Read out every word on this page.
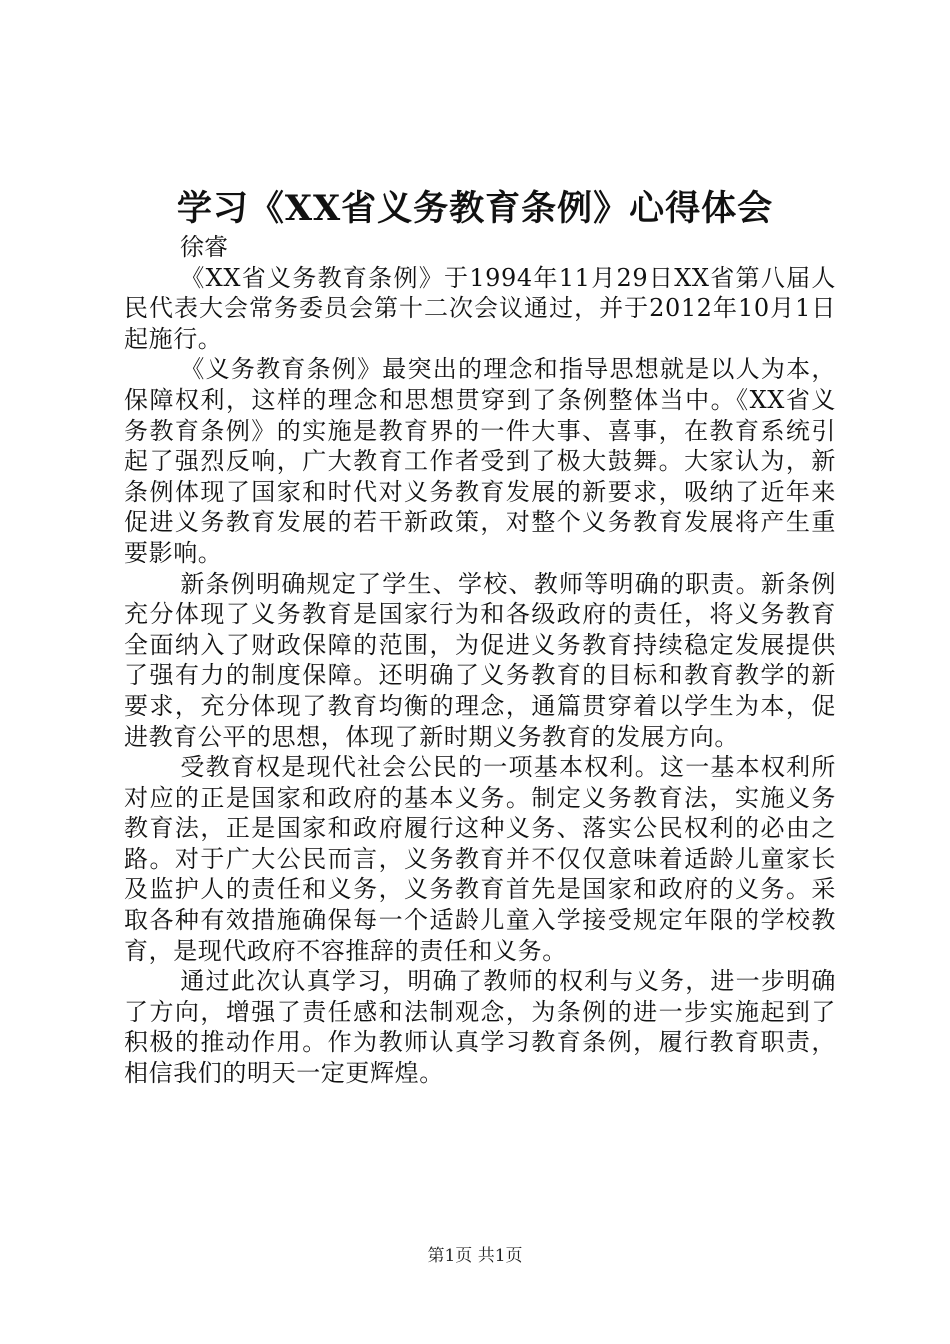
学习《XX省义务教育条例》心得体会

徐睿

《XX省义务教育条例》于1994年11月29日XX省第八届人民代表大会常务委员会第十二次会议通过，并于2012年10月1日起施行。

《义务教育条例》最突出的理念和指导思想就是以人为本，保障权利，这样的理念和思想贯穿到了条例整体当中。《XX省义务教育条例》的实施是教育界的一件大事、喜事，在教育系统引起了强烈反响，广大教育工作者受到了极大鼓舞。大家认为，新条例体现了国家和时代对义务教育发展的新要求，吸纳了近年来促进义务教育发展的若干新政策，对整个义务教育发展将产生重要影响。

新条例明确规定了学生、学校、教师等明确的职责。新条例充分体现了义务教育是国家行为和各级政府的责任，将义务教育全面纳入了财政保障的范围，为促进义务教育持续稳定发展提供了强有力的制度保障。还明确了义务教育的目标和教育教学的新要求，充分体现了教育均衡的理念，通篇贯穿着以学生为本，促进教育公平的思想，体现了新时期义务教育的发展方向。

受教育权是现代社会公民的一项基本权利。这一基本权利所对应的正是国家和政府的基本义务。制定义务教育法，实施义务教育法，正是国家和政府履行这种义务、落实公民权利的必由之路。对于广大公民而言，义务教育并不仅仅意味着适龄儿童家长及监护人的责任和义务，义务教育首先是国家和政府的义务。采取各种有效措施确保每一个适龄儿童入学接受规定年限的学校教育，是现代政府不容推辞的责任和义务。

通过此次认真学习，明确了教师的权利与义务，进一步明确了方向，增强了责任感和法制观念，为条例的进一步实施起到了积极的推动作用。作为教师认真学习教育条例，履行教育职责，相信我们的明天一定更辉煌。

第1页 共1页
